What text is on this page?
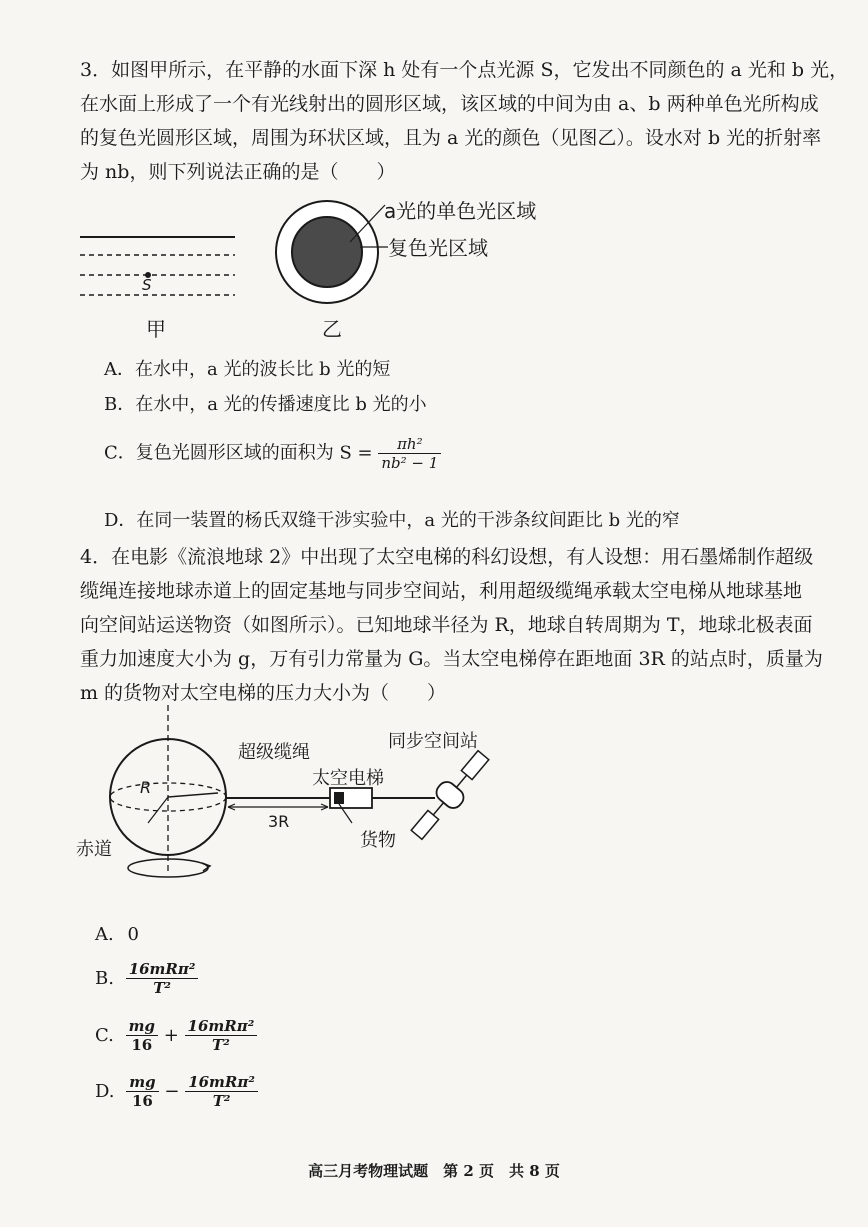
3．如图甲所示，在平静的水面下深 h 处有一个点光源 S，它发出不同颜色的 a 光和 b 光，
在水面上形成了一个有光线射出的圆形区域，该区域的中间为由 a、b 两种单色光所构成
的复色光圆形区域，周围为环状区域，且为 a 光的颜色（见图乙）。设水对 b 光的折射率
为 nb，则下列说法正确的是（　　）
S
甲
a光的单色光区域
复色光区域
乙
A．在水中，a 光的波长比 b 光的短
B．在水中，a 光的传播速度比 b 光的小
C．复色光圆形区域的面积为 $S = \frac{\text{πh²}}{\text{nb² − 1}}$
D．在同一装置的杨氏双缝干涉实验中，a 光的干涉条纹间距比 b 光的窄
4．在电影《流浪地球 2》中出现了太空电梯的科幻设想，有人设想：用石墨烯制作超级
缆绳连接地球赤道上的固定基地与同步空间站，利用超级缆绳承载太空电梯从地球基地
向空间站运送物资（如图所示）。已知地球半径为 R，地球自转周期为 T，地球北极表面
重力加速度大小为 g，万有引力常量为 G。当太空电梯停在距地面 3R 的站点时，质量为
m 的货物对太空电梯的压力大小为（　　）
超级缆绳
同步空间站
太空电梯
R
3R
货物
赤道
A. 0
B. $\frac{\text{16mRπ²}}{\text{T²}}$
C. $\frac{mg}{16} + \frac{\text{16mRπ²}}{\text{T²}}$
D. $\frac{mg}{16} - \frac{\text{16mRπ²}}{\text{T²}}$
高三月考物理试题　第 2 页　共 8 页
